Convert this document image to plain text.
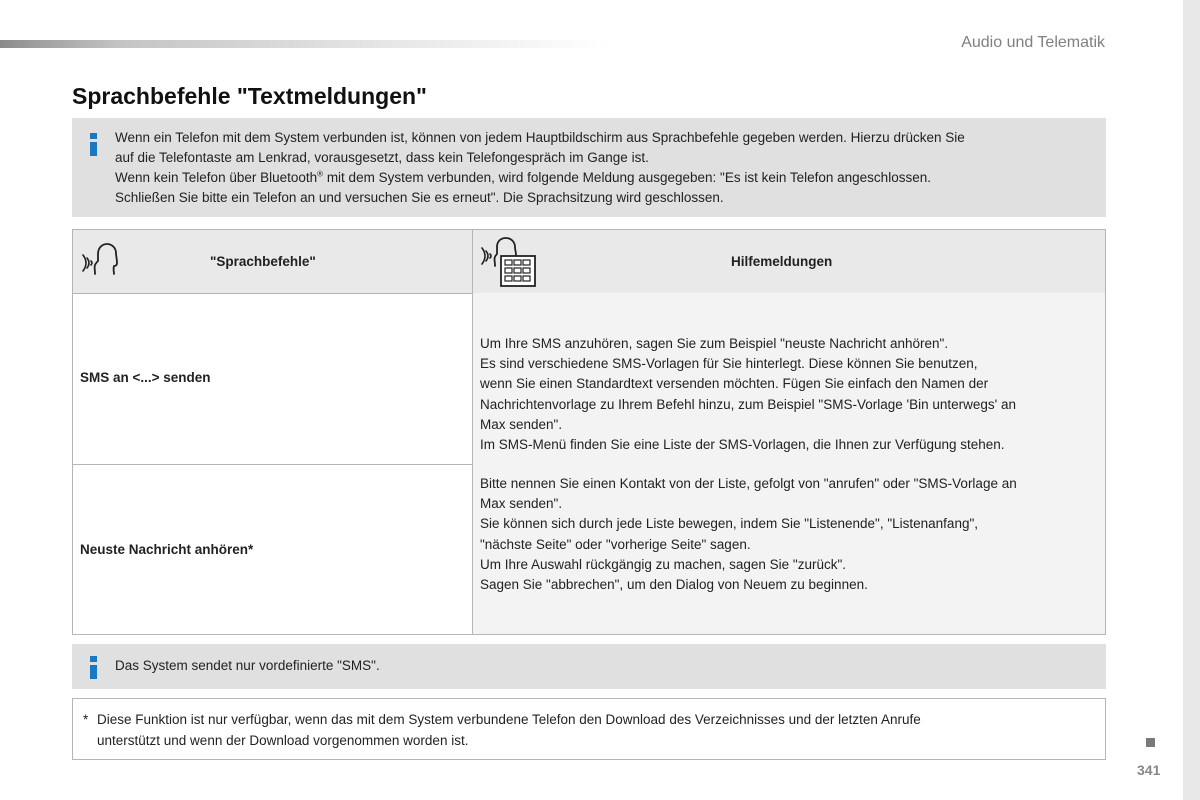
Audio und Telematik
Sprachbefehle "Textmeldungen"

Wenn ein Telefon mit dem System verbunden ist, können von jedem Hauptbildschirm aus Sprachbefehle gegeben werden. Hierzu drücken Sie

auf die Telefontaste am Lenkrad, vorausgesetzt, dass kein Telefongespräch im Gange ist.

Wenn kein Telefon über Bluetooth® mit dem System verbunden, wird folgende Meldung ausgegeben: "Es ist kein Telefon angeschlossen.

Schließen Sie bitte ein Telefon an und versuchen Sie es erneut". Die Sprachsitzung wird geschlossen.

"Sprachbefehle"	Hilfemeldungen
SMS an <...> senden
Neuste Nachricht anhören*

Um Ihre SMS anzuhören, sagen Sie zum Beispiel "neuste Nachricht anhören".

Es sind verschiedene SMS-Vorlagen für Sie hinterlegt. Diese können Sie benutzen,

wenn Sie einen Standardtext versenden möchten. Fügen Sie einfach den Namen der

Nachrichtenvorlage zu Ihrem Befehl hinzu, zum Beispiel "SMS-Vorlage 'Bin unterwegs' an

Max senden".

Im SMS-Menü finden Sie eine Liste der SMS-Vorlagen, die Ihnen zur Verfügung stehen.

Bitte nennen Sie einen Kontakt von der Liste, gefolgt von "anrufen" oder "SMS-Vorlage an

Max senden".

Sie können sich durch jede Liste bewegen, indem Sie "Listenende", "Listenanfang",

"nächste Seite" oder "vorherige Seite" sagen.

Um Ihre Auswahl rückgängig zu machen, sagen Sie "zurück".

Sagen Sie "abbrechen", um den Dialog von Neuem zu beginnen.

Das System sendet nur vordefinierte "SMS".
* Diese Funktion ist nur verfügbar, wenn das mit dem System verbundene Telefon den Download des Verzeichnisses und der letzten Anrufe
unterstützt und wenn der Download vorgenommen worden ist.
341
